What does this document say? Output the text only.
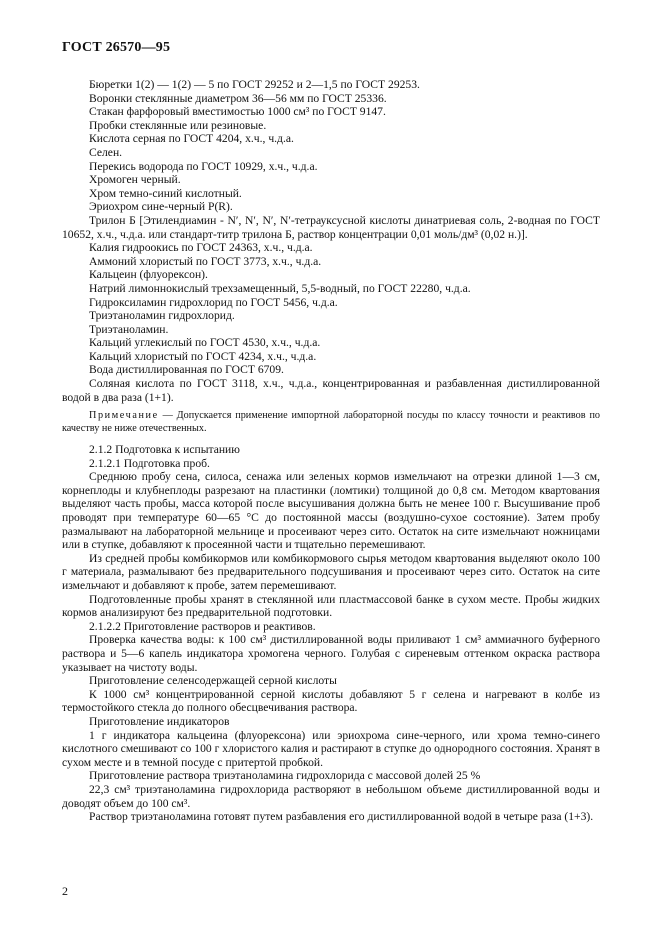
ГОСТ 26570—95

Бюретки 1(2) — 1(2) — 5 по ГОСТ 29252 и 2—1,5 по ГОСТ 29253.

Воронки стеклянные диаметром 36—56 мм по ГОСТ 25336.

Стакан фарфоровый вместимостью 1000 см³ по ГОСТ 9147.

Пробки стеклянные или резиновые.

Кислота серная по ГОСТ 4204, х.ч., ч.д.а.

Селен.

Перекись водорода по ГОСТ 10929, х.ч., ч.д.а.

Хромоген черный.

Хром темно-синий кислотный.

Эриохром сине-черный P(R).

Трилон Б [Этилендиамин - N′, N′, N′, N′-тетрауксусной кислоты динатриевая соль, 2-водная по ГОСТ 10652, х.ч., ч.д.а. или стандарт-титр трилона Б, раствор концентрации 0,01 моль/дм³ (0,02 н.)].

Калия гидроокись по ГОСТ 24363, х.ч., ч.д.а.

Аммоний хлористый по ГОСТ 3773, х.ч., ч.д.а.

Кальцеин (флуорексон).

Натрий лимоннокислый трехзамещенный, 5,5-водный, по ГОСТ 22280, ч.д.а.

Гидроксиламин гидрохлорид по ГОСТ 5456, ч.д.а.

Триэтаноламин гидрохлорид.

Триэтаноламин.

Кальций углекислый по ГОСТ 4530, х.ч., ч.д.а.

Кальций хлористый по ГОСТ 4234, х.ч., ч.д.а.

Вода дистиллированная по ГОСТ 6709.

Соляная кислота по ГОСТ 3118, х.ч., ч.д.а., концентрированная и разбавленная дистиллированной водой в два раза (1+1).

Примечание — Допускается применение импортной лабораторной посуды по классу точности и реактивов по качеству не ниже отечественных.

2.1.2 Подготовка к испытанию

2.1.2.1 Подготовка проб.

Среднюю пробу сена, силоса, сенажа или зеленых кормов измельчают на отрезки длиной 1—3 см, корнеплоды и клубнеплоды разрезают на пластинки (ломтики) толщиной до 0,8 см. Методом квартования выделяют часть пробы, масса которой после высушивания должна быть не менее 100 г. Высушивание проб проводят при температуре 60—65 °С до постоянной массы (воздушно-сухое состояние). Затем пробу размалывают на лабораторной мельнице и просеивают через сито. Остаток на сите измельчают ножницами или в ступке, добавляют к просеянной части и тщательно перемешивают.

Из средней пробы комбикормов или комбикормового сырья методом квартования выделяют около 100 г материала, размалывают без предварительного подсушивания и просеивают через сито. Остаток на сите измельчают и добавляют к пробе, затем перемешивают.

Подготовленные пробы хранят в стеклянной или пластмассовой банке в сухом месте. Пробы жидких кормов анализируют без предварительной подготовки.

2.1.2.2 Приготовление растворов и реактивов.

Проверка качества воды: к 100 см³ дистиллированной воды приливают 1 см³ аммиачного буферного раствора и 5—6 капель индикатора хромогена черного. Голубая с сиреневым оттенком окраска раствора указывает на чистоту воды.

Приготовление селенсодержащей серной кислоты

К 1000 см³ концентрированной серной кислоты добавляют 5 г селена и нагревают в колбе из термостойкого стекла до полного обесцвечивания раствора.

Приготовление индикаторов

1 г индикатора кальцеина (флуорексона) или эриохрома сине-черного, или хрома темно-синего кислотного смешивают со 100 г хлористого калия и растирают в ступке до однородного состояния. Хранят в сухом месте и в темной посуде с притертой пробкой.

Приготовление раствора триэтаноламина гидрохлорида с массовой долей 25 %

22,3 см³ триэтаноламина гидрохлорида растворяют в небольшом объеме дистиллированной воды и доводят объем до 100 см³.

Раствор триэтаноламина готовят путем разбавления его дистиллированной водой в четыре раза (1+3).

2
